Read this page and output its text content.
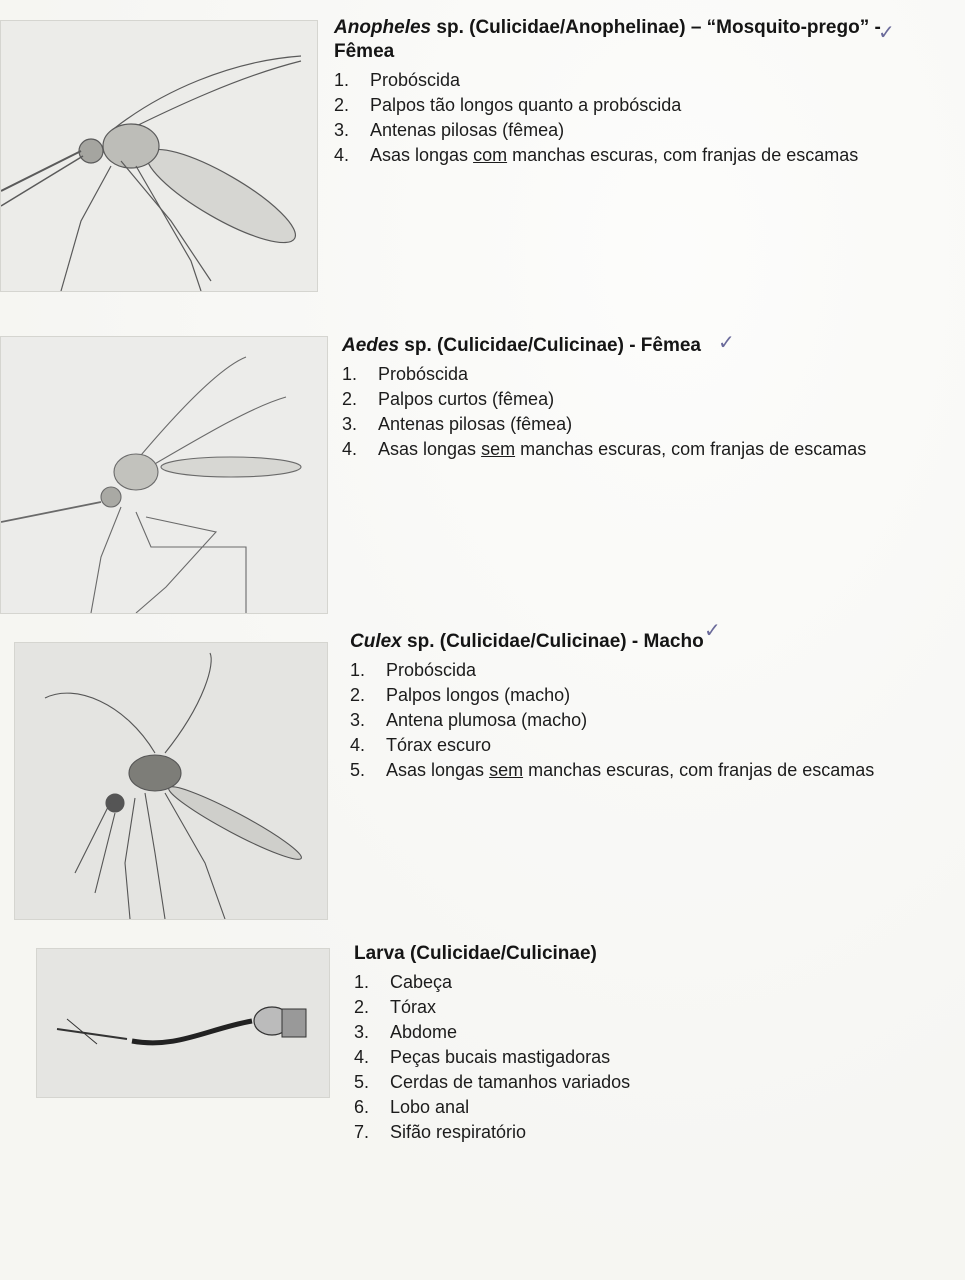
Anopheles sp. (Culicidae/Anophelinae) – “Mosquito-prego” -
Fêmea
1.	Probóscida
2.	Palpos tão longos quanto a probóscida
3.	Antenas pilosas (fêmea)
4.	Asas longas com manchas escuras, com franjas de escamas
✓
Aedes sp. (Culicidae/Culicinae) - Fêmea
1.	Probóscida
2.	Palpos curtos (fêmea)
3.	Antenas pilosas (fêmea)
4.	Asas longas sem manchas escuras, com franjas de escamas
✓
Culex sp. (Culicidae/Culicinae) - Macho
1.	Probóscida
2.	Palpos longos (macho)
3.	Antena plumosa (macho)
4.	Tórax escuro
5.	Asas longas sem manchas escuras, com franjas de escamas
✓
Larva (Culicidae/Culicinae)
1.	Cabeça
2.	Tórax
3.	Abdome
4.	Peças bucais mastigadoras
5.	Cerdas de tamanhos variados
6.	Lobo anal
7.	Sifão respiratório
